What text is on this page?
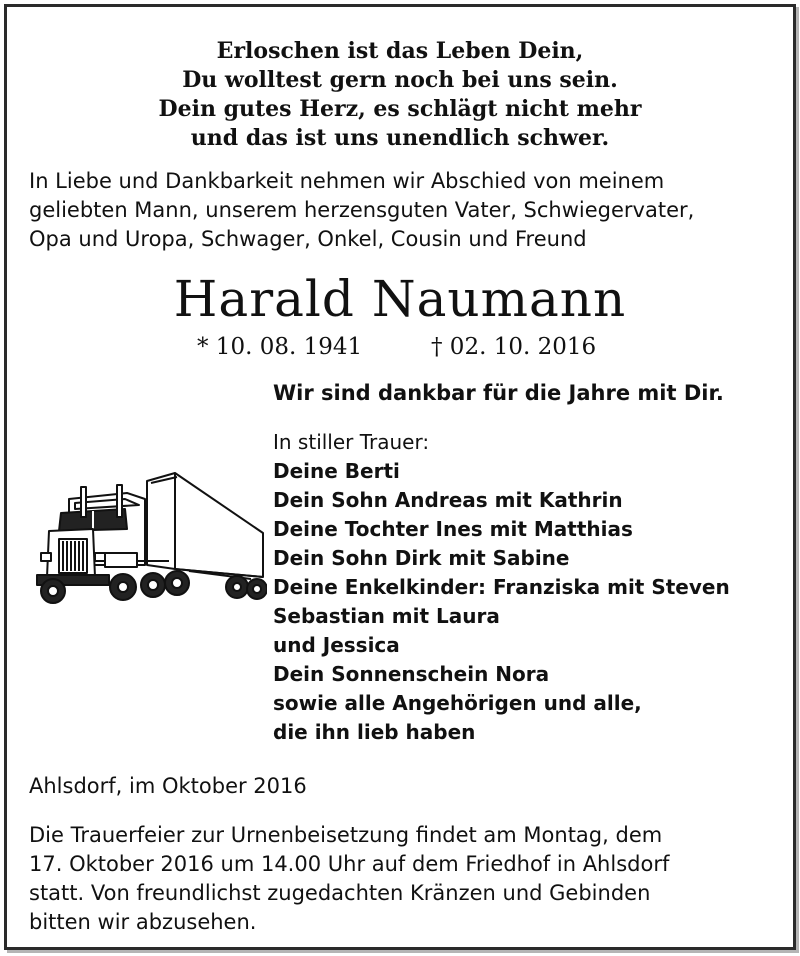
Erloschen ist das Leben Dein,
Du wolltest gern noch bei uns sein.
Dein gutes Herz, es schlägt nicht mehr
und das ist uns unendlich schwer.
In Liebe und Dankbarkeit nehmen wir Abschied von meinem
geliebten Mann, unserem herzensguten Vater, Schwiegervater,
Opa und Uropa, Schwager, Onkel, Cousin und Freund
Harald Naumann
* 10. 08. 1941	† 02. 10. 2016
Wir sind dankbar für die Jahre mit Dir.
In stiller Trauer:
Deine Berti
Dein Sohn Andreas mit Kathrin
Deine Tochter Ines mit Matthias
Dein Sohn Dirk mit Sabine
Deine Enkelkinder: Franziska mit Steven
Sebastian mit Laura
und Jessica
Dein Sonnenschein Nora
sowie alle Angehörigen und alle,
die ihn lieb haben
Ahlsdorf, im Oktober 2016
Die Trauerfeier zur Urnenbeisetzung findet am Montag, dem
17. Oktober 2016 um 14.00 Uhr auf dem Friedhof in Ahlsdorf
statt. Von freundlichst zugedachten Kränzen und Gebinden
bitten wir abzusehen.
